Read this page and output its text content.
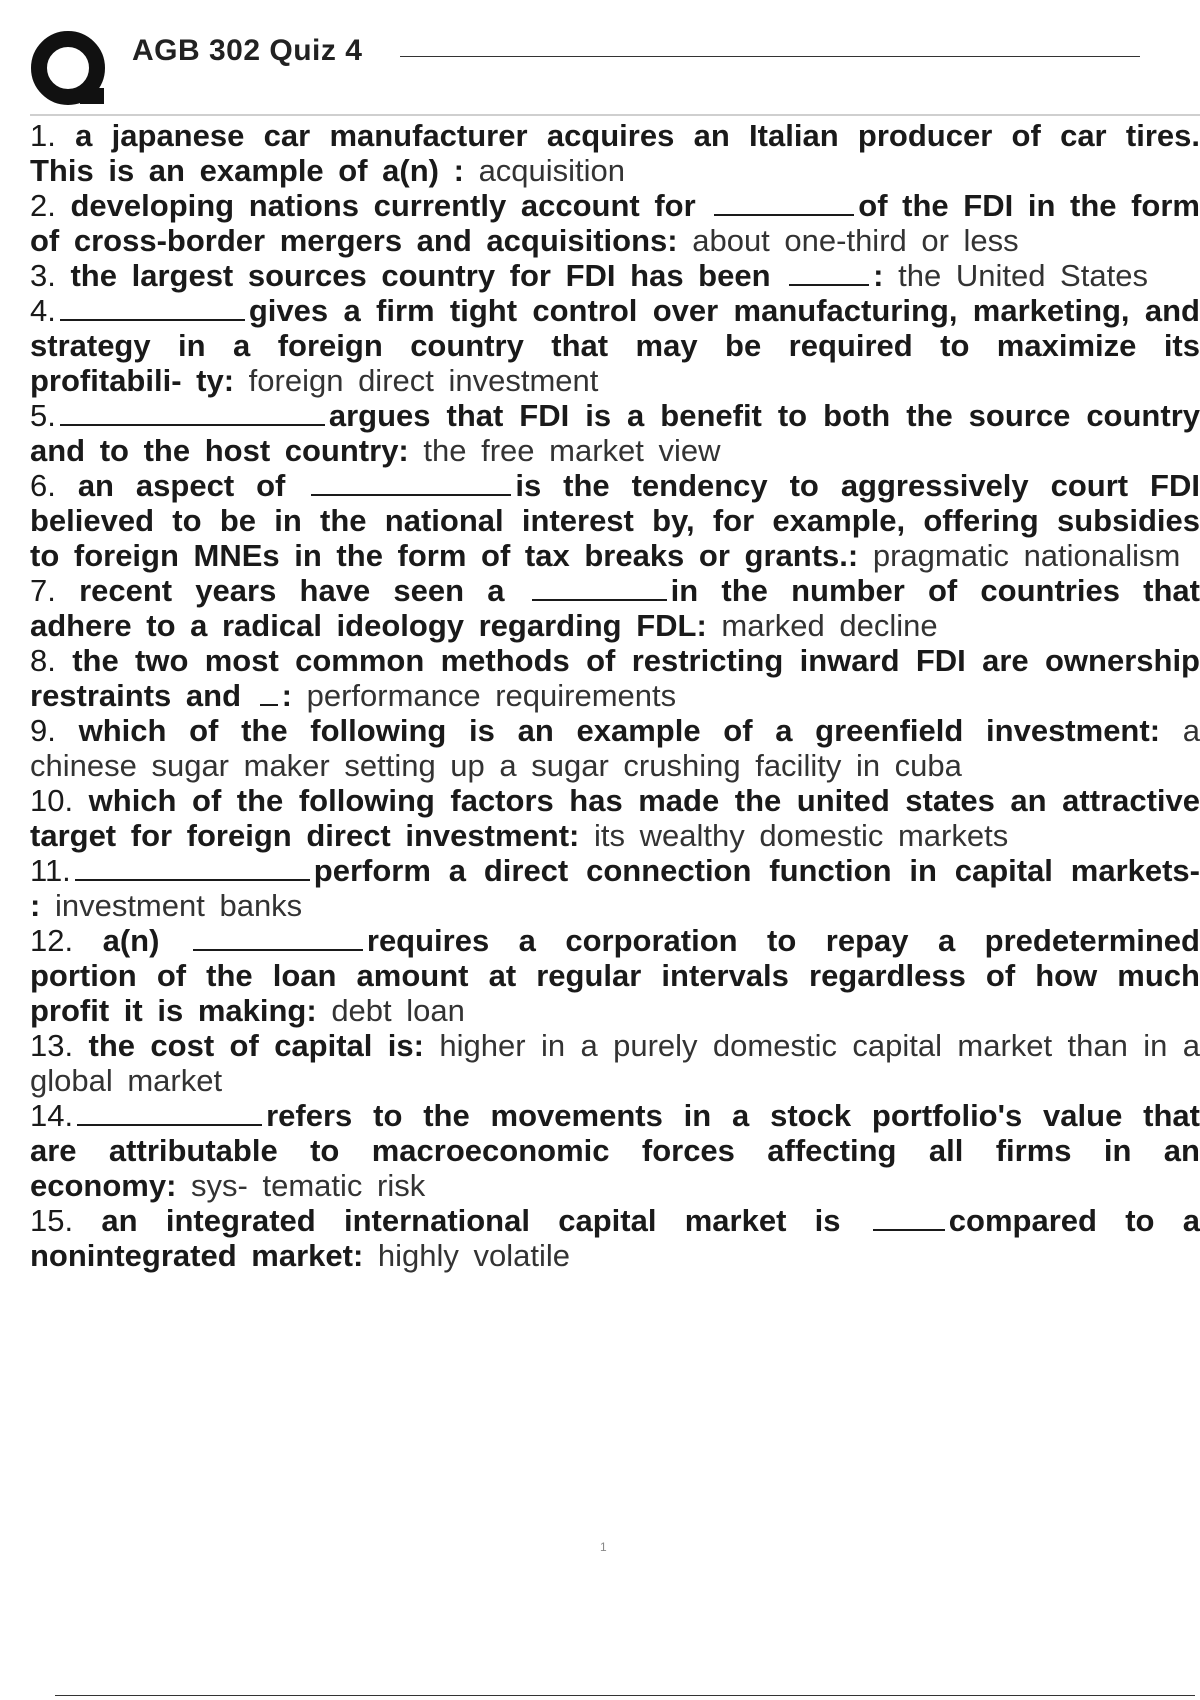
AGB 302 Quiz 4

1. a japanese car manufacturer acquires an Italian producer of car tires. This is an example of a(n) : acquisition

2. developing nations currently account for	of the FDI in the form of cross-border mergers and acquisitions: about one-third or less

3. the largest sources country for FDI has been	: the United States

4.	gives a firm tight control over manufacturing, marketing, and strategy in a foreign country that may be required to maximize its profitabili- ty: foreign direct investment

5.	argues that FDI is a benefit to both the source country and to the host country: the free market view

6. an aspect of	is the tendency to aggressively court FDI believed to be in the national interest by, for example, offering subsidies to foreign MNEs in the form of tax breaks or grants.: pragmatic nationalism

7. recent years have seen a	in the number of countries that adhere to a radical ideology regarding FDL: marked decline

8. the two most common methods of restricting inward FDI are ownership restraints and : performance requirements

9. which of the following is an example of a greenfield investment: a chinese sugar maker setting up a sugar crushing facility in cuba

10. which of the following factors has made the united states an attractive target for foreign direct investment: its wealthy domestic markets

11.	perform a direct connection function in capital markets- : investment banks

12. a(n)	requires a corporation to repay a predetermined portion of the loan amount at regular intervals regardless of how much profit it is making: debt loan

13. the cost of capital is: higher in a purely domestic capital market than in a global market

14.	refers to the movements in a stock portfolio's value that are attributable to macroeconomic forces affecting all firms in an economy: sys- tematic risk

15. an integrated international capital market is	compared to a nonintegrated market: highly volatile

1
